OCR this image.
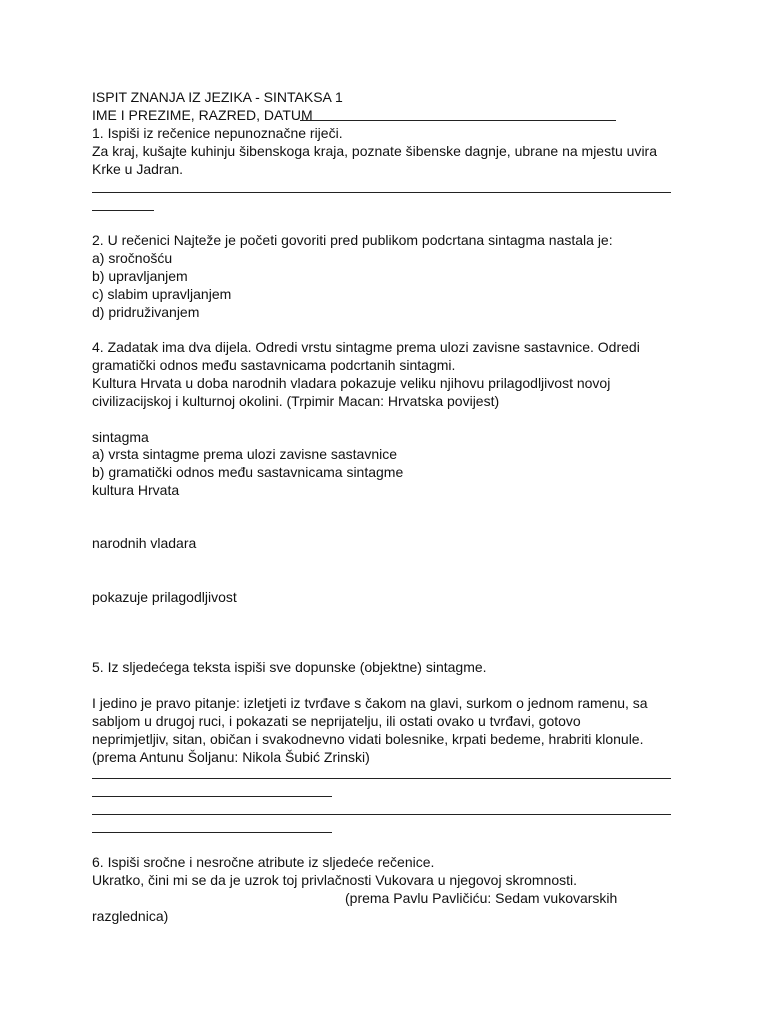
ISPIT ZNANJA IZ JEZIKA - SINTAKSA 1
IME I PREZIME, RAZRED, DATUM
1. Ispiši iz rečenice nepunoznačne riječi.
Za kraj, kušajte kuhinju šibenskoga kraja, poznate šibenske dagnje, ubrane na mjestu uvira
Krke u Jadran.
2. U rečenici Najteže je početi govoriti pred publikom podcrtana sintagma nastala je:
a) sročnošću
b) upravljanjem
c) slabim upravljanjem
d) pridruživanjem
4. Zadatak ima dva dijela. Odredi vrstu sintagme prema ulozi zavisne sastavnice. Odredi
gramatički odnos među sastavnicama podcrtanih sintagmi.
Kultura Hrvata u doba narodnih vladara pokazuje veliku njihovu prilagodljivost novoj
civilizacijskoj i kulturnoj okolini. (Trpimir Macan: Hrvatska povijest)
sintagma
a) vrsta sintagme prema ulozi zavisne sastavnice
b) gramatički odnos među sastavnicama sintagme
kultura Hrvata
narodnih vladara
pokazuje prilagodljivost
5. Iz sljedećega teksta ispiši sve dopunske (objektne) sintagme.
I jedino je pravo pitanje: izletjeti iz tvrđave s čakom na glavi, surkom o jednom ramenu, sa
sabljom u drugoj ruci, i pokazati se neprijatelju, ili ostati ovako u tvrđavi, gotovo
neprimjetljiv, sitan, običan i svakodnevno vidati bolesnike, krpati bedeme, hrabriti klonule.
(prema Antunu Šoljanu: Nikola Šubić Zrinski)
6. Ispiši sročne i nesročne atribute iz sljedeće rečenice.
Ukratko, čini mi se da je uzrok toj privlačnosti Vukovara u njegovoj skromnosti.
(prema Pavlu Pavličiću: Sedam vukovarskih
razglednica)
